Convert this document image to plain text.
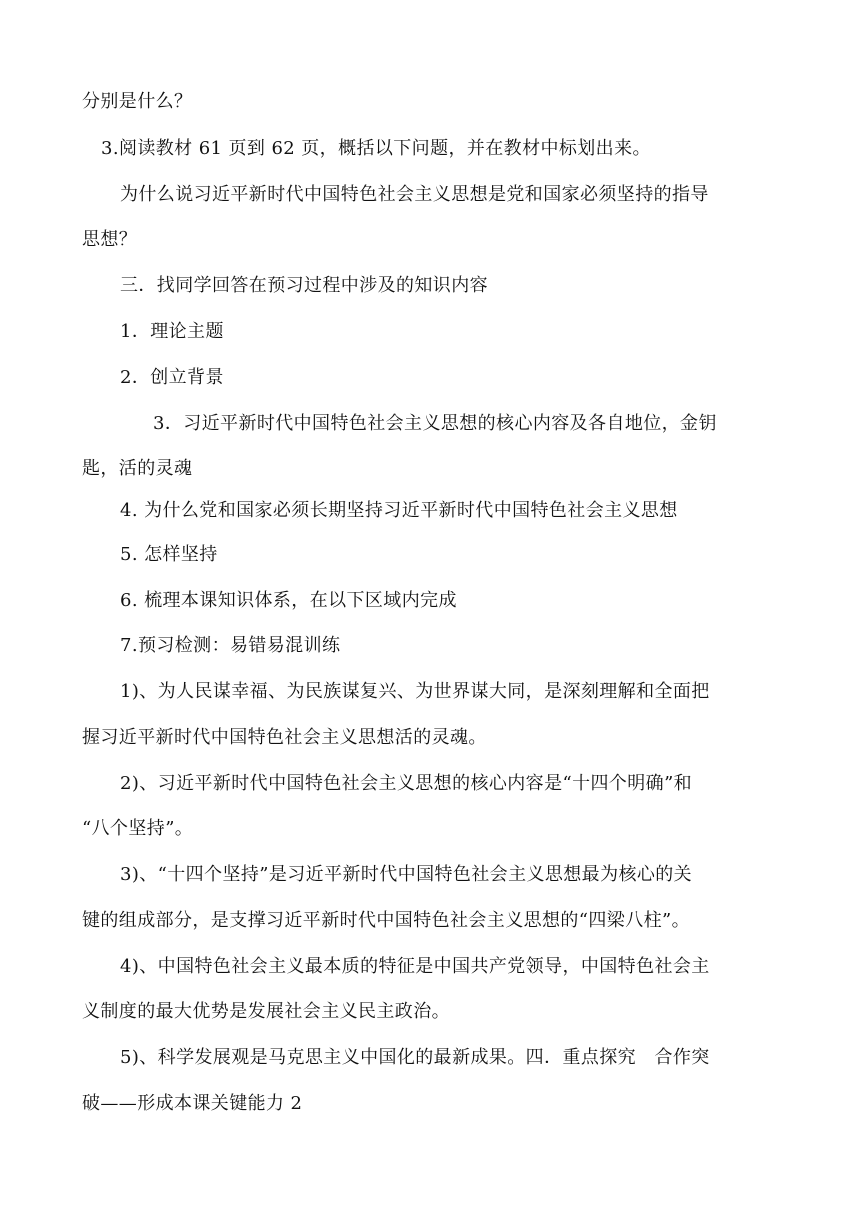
分别是什么？
3.阅读教材 61 页到 62 页，概括以下问题，并在教材中标划出来。
为什么说习近平新时代中国特色社会主义思想是党和国家必须坚持的指导
思想？
三．找同学回答在预习过程中涉及的知识内容
1．理论主题
2．创立背景
3．习近平新时代中国特色社会主义思想的核心内容及各自地位，金钥
匙，活的灵魂
4. 为什么党和国家必须长期坚持习近平新时代中国特色社会主义思想
5. 怎样坚持
6. 梳理本课知识体系，在以下区域内完成
7.预习检测：易错易混训练
1)、为人民谋幸福、为民族谋复兴、为世界谋大同，是深刻理解和全面把
握习近平新时代中国特色社会主义思想活的灵魂。
2)、习近平新时代中国特色社会主义思想的核心内容是“十四个明确”和
“八个坚持”。
3)、“十四个坚持”是习近平新时代中国特色社会主义思想最为核心的关
键的组成部分，是支撑习近平新时代中国特色社会主义思想的“四梁八柱”。
4)、中国特色社会主义最本质的特征是中国共产党领导，中国特色社会主
义制度的最大优势是发展社会主义民主政治。
5)、科学发展观是马克思主义中国化的最新成果。四．重点探究　合作突
破——形成本课关键能力 2
